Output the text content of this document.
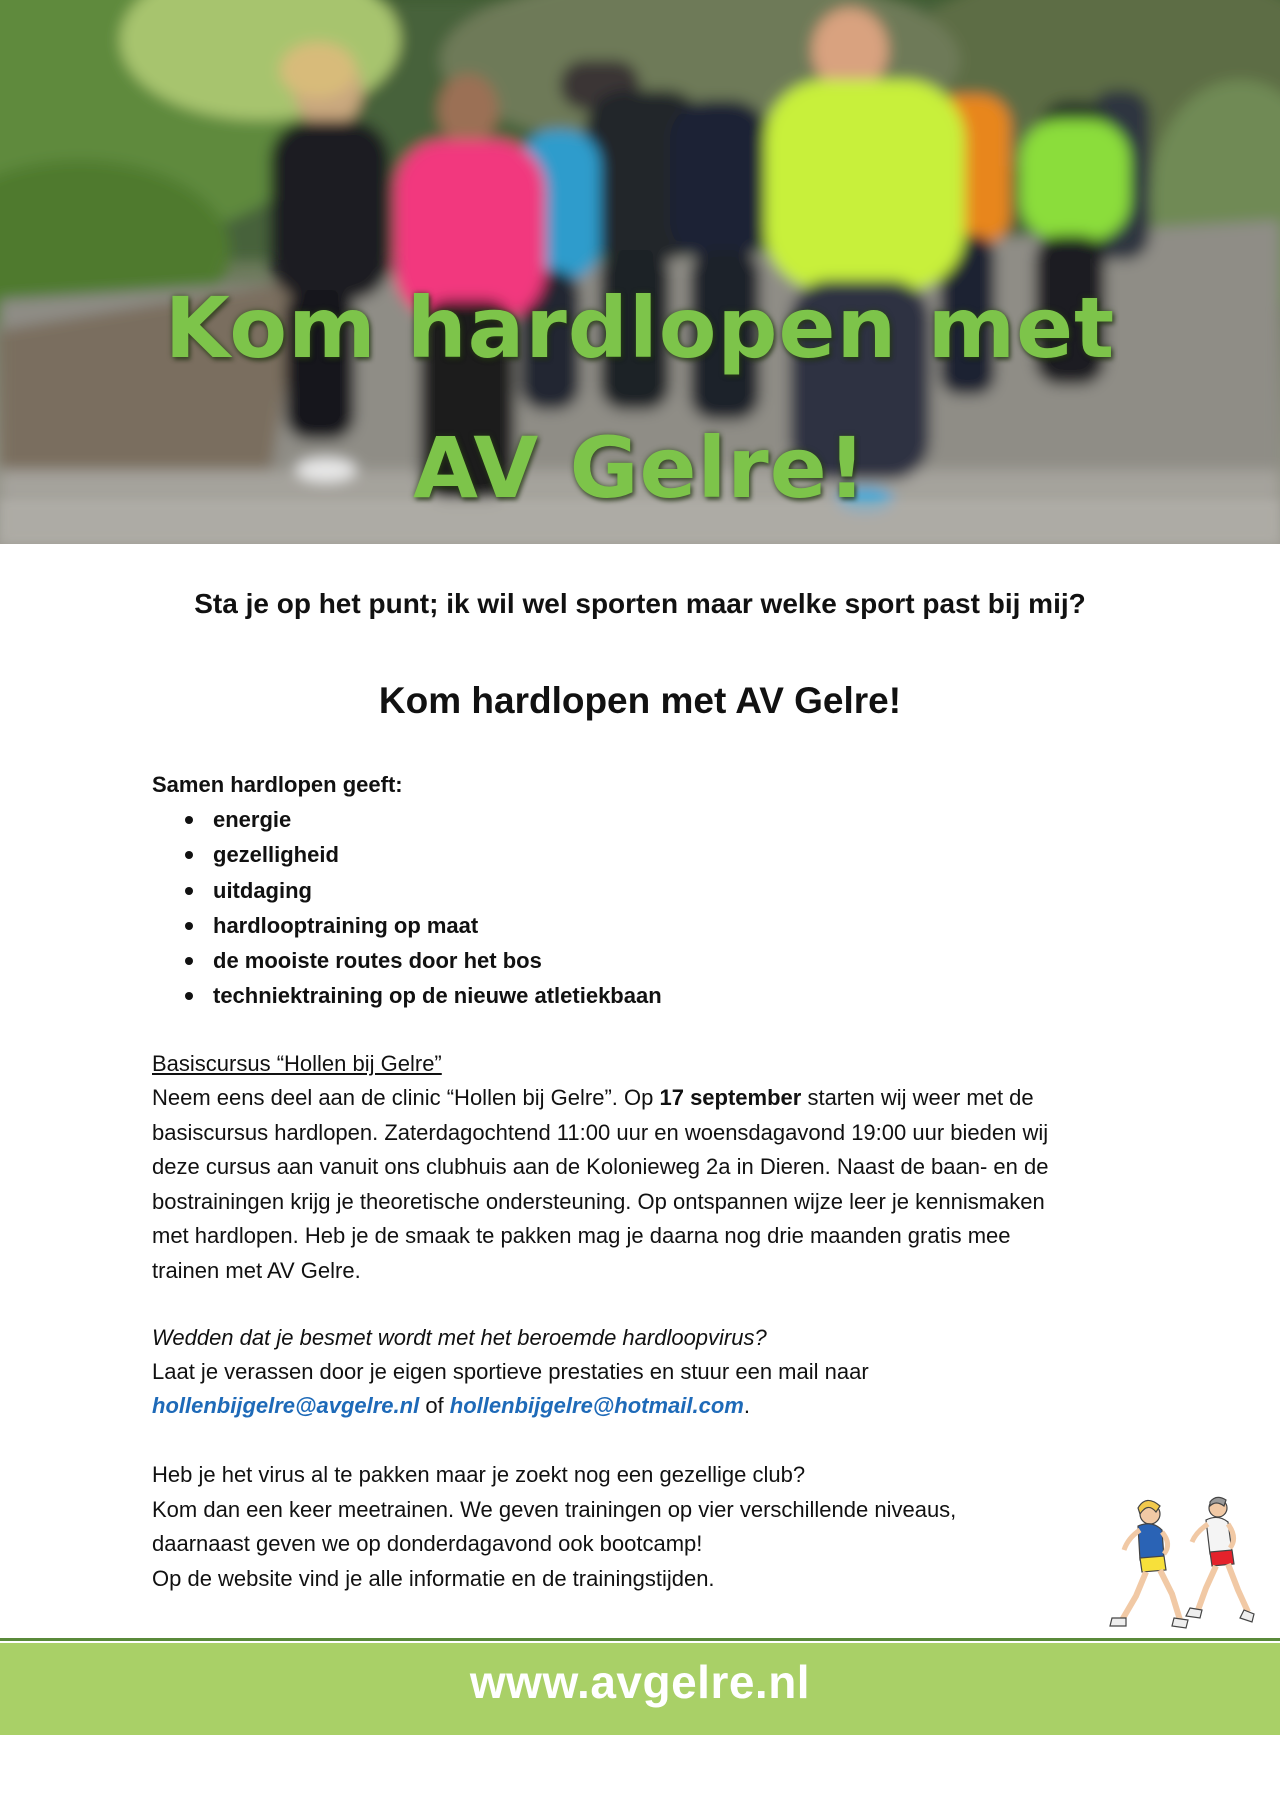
Kom hardlopen met
AV Gelre!
Sta je op het punt; ik wil wel sporten maar welke sport past bij mij?
Kom hardlopen met AV Gelre!
Samen hardlopen geeft:
energie
gezelligheid
uitdaging
hardlooptraining op maat
de mooiste routes door het bos
techniektraining op de nieuwe atletiekbaan
Basiscursus “Hollen bij Gelre”
Neem eens deel aan de clinic “Hollen bij Gelre”. Op 17 september starten wij weer met de
basiscursus hardlopen. Zaterdagochtend 11:00 uur en woensdagavond 19:00 uur bieden wij
deze cursus aan vanuit ons clubhuis aan de Kolonieweg 2a in Dieren. Naast de baan- en de
bostrainingen krijg je theoretische ondersteuning. Op ontspannen wijze leer je kennismaken
met hardlopen. Heb je de smaak te pakken mag je daarna nog drie maanden gratis mee
trainen met AV Gelre.
Wedden dat je besmet wordt met het beroemde hardloopvirus?
Laat je verassen door je eigen sportieve prestaties en stuur een mail naar
hollenbijgelre@avgelre.nl of hollenbijgelre@hotmail.com.
Heb je het virus al te pakken maar je zoekt nog een gezellige club?
Kom dan een keer meetrainen. We geven trainingen op vier verschillende niveaus,
daarnaast geven we op donderdagavond ook bootcamp!
Op de website vind je alle informatie en de trainingstijden.
www.avgelre.nl
